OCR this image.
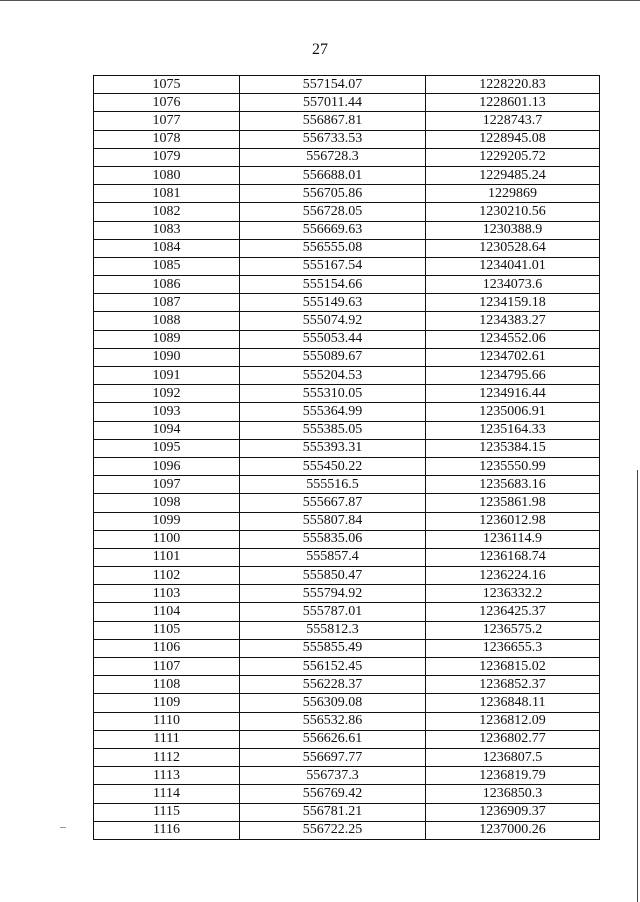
27
1075	557154.07	1228220.83
1076	557011.44	1228601.13
1077	556867.81	1228743.7
1078	556733.53	1228945.08
1079	556728.3	1229205.72
1080	556688.01	1229485.24
1081	556705.86	1229869
1082	556728.05	1230210.56
1083	556669.63	1230388.9
1084	556555.08	1230528.64
1085	555167.54	1234041.01
1086	555154.66	1234073.6
1087	555149.63	1234159.18
1088	555074.92	1234383.27
1089	555053.44	1234552.06
1090	555089.67	1234702.61
1091	555204.53	1234795.66
1092	555310.05	1234916.44
1093	555364.99	1235006.91
1094	555385.05	1235164.33
1095	555393.31	1235384.15
1096	555450.22	1235550.99
1097	555516.5	1235683.16
1098	555667.87	1235861.98
1099	555807.84	1236012.98
1100	555835.06	1236114.9
1101	555857.4	1236168.74
1102	555850.47	1236224.16
1103	555794.92	1236332.2
1104	555787.01	1236425.37
1105	555812.3	1236575.2
1106	555855.49	1236655.3
1107	556152.45	1236815.02
1108	556228.37	1236852.37
1109	556309.08	1236848.11
1110	556532.86	1236812.09
1111	556626.61	1236802.77
1112	556697.77	1236807.5
1113	556737.3	1236819.79
1114	556769.42	1236850.3
1115	556781.21	1236909.37
1116	556722.25	1237000.26
